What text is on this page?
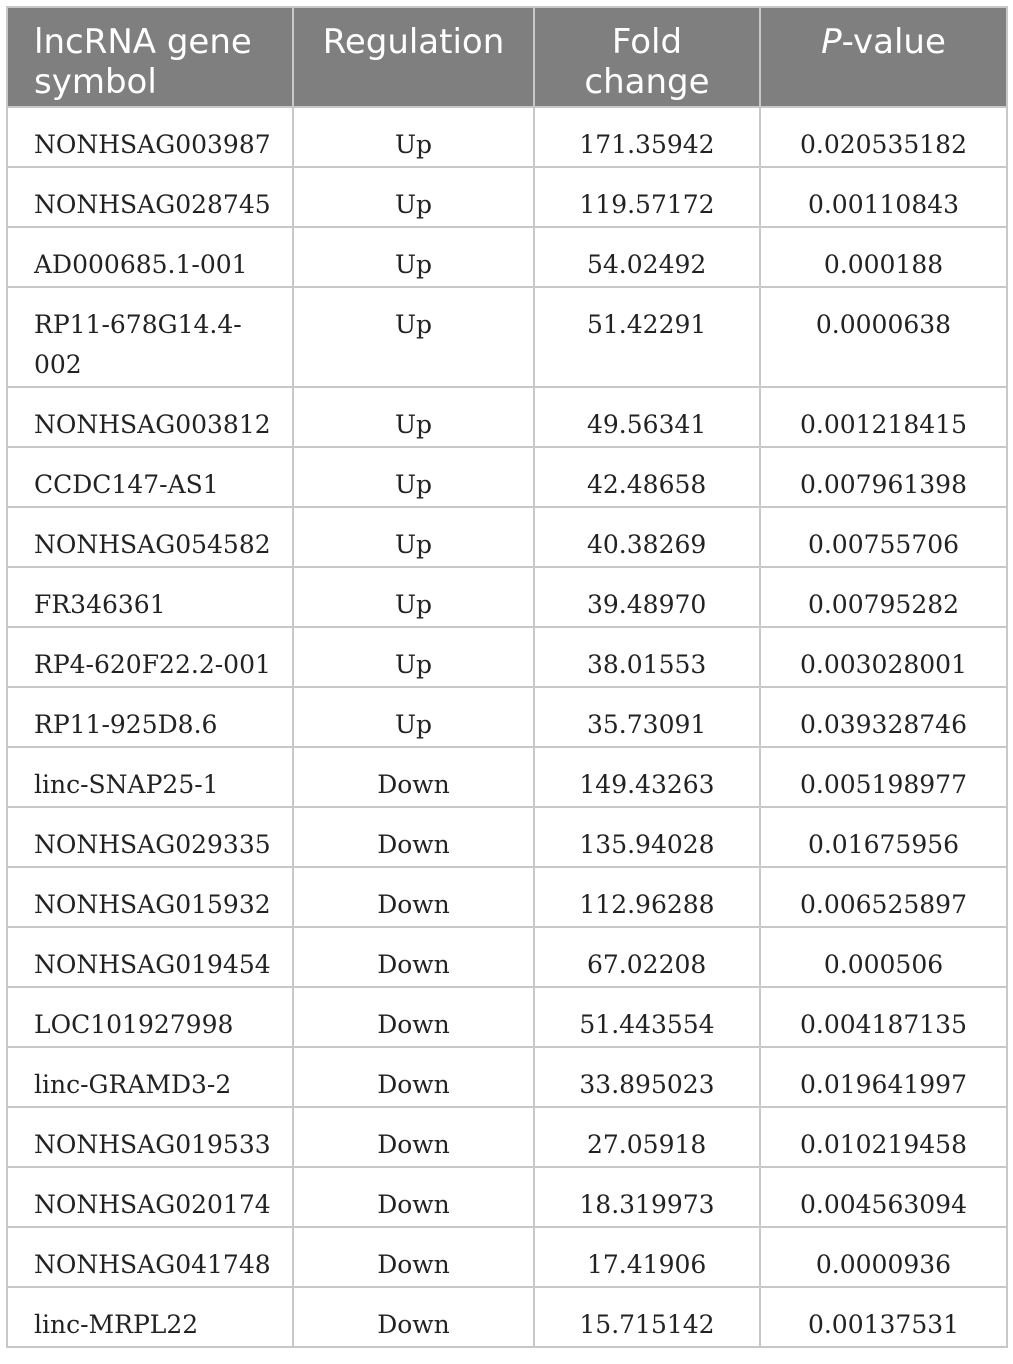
lncRNA gene symbol	Regulation	Fold change	P-value
NONHSAG003987	Up	171.35942	0.020535182
NONHSAG028745	Up	119.57172	0.00110843
AD000685.1-001	Up	54.02492	0.000188
RP11-678G14.4-002	Up	51.42291	0.0000638
NONHSAG003812	Up	49.56341	0.001218415
CCDC147-AS1	Up	42.48658	0.007961398
NONHSAG054582	Up	40.38269	0.00755706
FR346361	Up	39.48970	0.00795282
RP4-620F22.2-001	Up	38.01553	0.003028001
RP11-925D8.6	Up	35.73091	0.039328746
linc-SNAP25-1	Down	149.43263	0.005198977
NONHSAG029335	Down	135.94028	0.01675956
NONHSAG015932	Down	112.96288	0.006525897
NONHSAG019454	Down	67.02208	0.000506
LOC101927998	Down	51.443554	0.004187135
linc-GRAMD3-2	Down	33.895023	0.019641997
NONHSAG019533	Down	27.05918	0.010219458
NONHSAG020174	Down	18.319973	0.004563094
NONHSAG041748	Down	17.41906	0.0000936
linc-MRPL22	Down	15.715142	0.00137531
